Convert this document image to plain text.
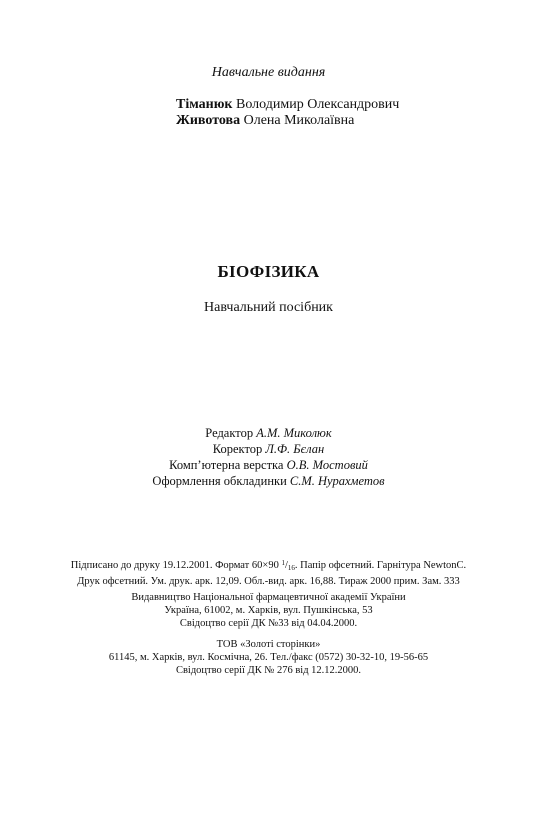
Навчальне видання
Тіманюк Володимир Олександрович
Животова Олена Миколаївна
БІОФІЗИКА
Навчальний посібник
Редактор А.М. Миколюк
Коректор Л.Ф. Бєлан
Комп’ютерна верстка О.В. Мостовий
Оформлення обкладинки С.М. Нурахметов
Підписано до друку 19.12.2001. Формат 60×90 $^1/_{16}$. Папір офсетний. Гарнітура NewtonC.
Друк офсетний. Ум. друк. арк. 12,09. Обл.-вид. арк. 16,88. Тираж 2000 прим. Зам. 333
Видавництво Національної фармацевтичної академії України
Україна, 61002, м. Харків, вул. Пушкінська, 53
Свідоцтво серії ДК №33 від 04.04.2000.
ТОВ «Золоті сторінки»
61145, м. Харків, вул. Космічна, 26. Тел./факс (0572) 30-32-10, 19-56-65
Свідоцтво серії ДК № 276 від 12.12.2000.
